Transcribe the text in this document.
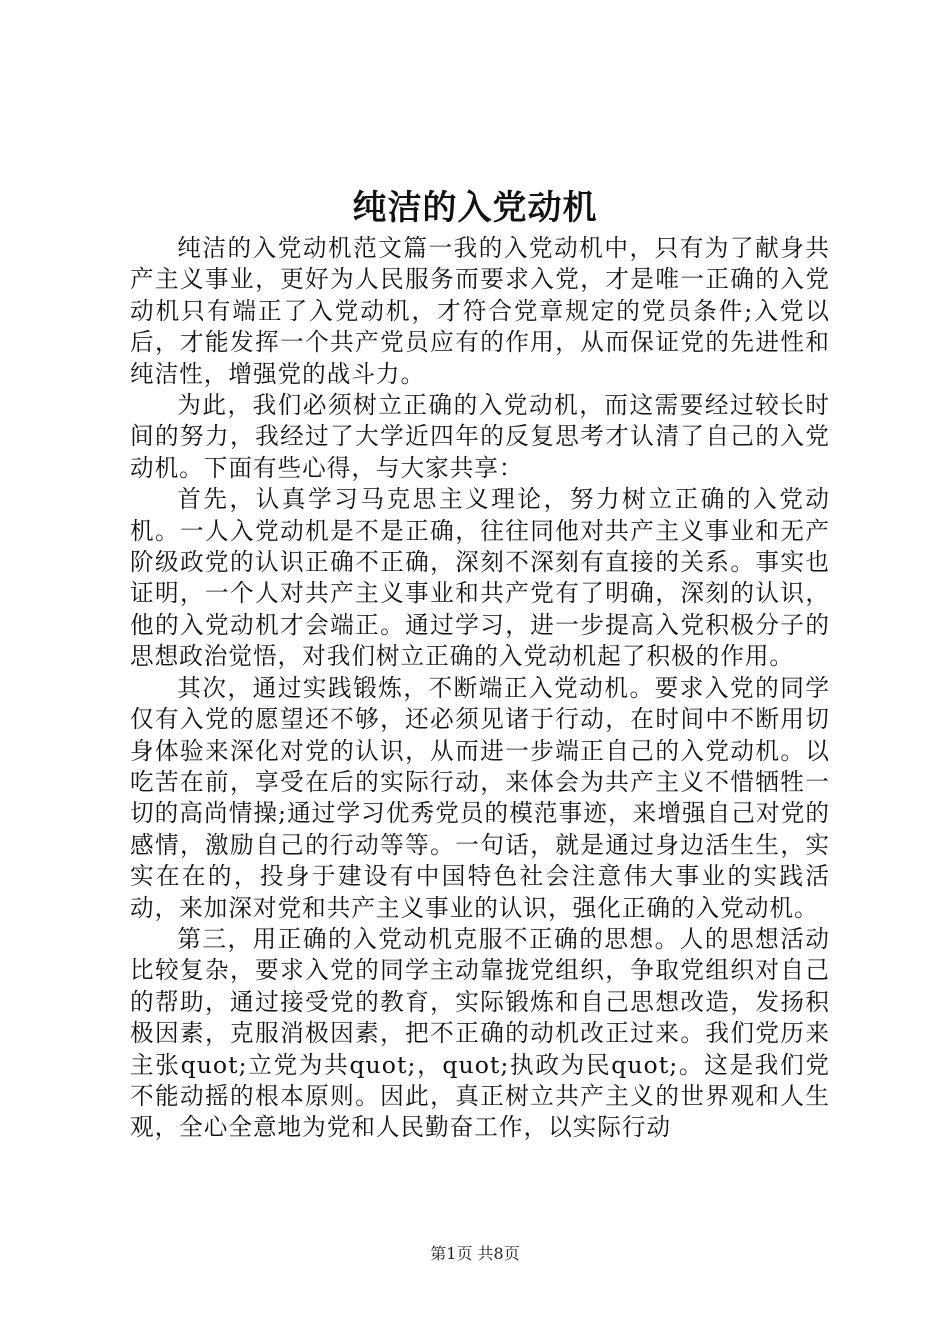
纯洁的入党动机

纯洁的入党动机范文篇一我的入党动机中，只有为了献身共产主义事业，更好为人民服务而要求入党，才是唯一正确的入党动机只有端正了入党动机，才符合党章规定的党员条件;入党以后，才能发挥一个共产党员应有的作用，从而保证党的先进性和纯洁性，增强党的战斗力。

为此，我们必须树立正确的入党动机，而这需要经过较长时间的努力，我经过了大学近四年的反复思考才认清了自己的入党动机。下面有些心得，与大家共享：

首先，认真学习马克思主义理论，努力树立正确的入党动机。一人入党动机是不是正确，往往同他对共产主义事业和无产阶级政党的认识正确不正确，深刻不深刻有直接的关系。事实也证明，一个人对共产主义事业和共产党有了明确，深刻的认识，他的入党动机才会端正。通过学习，进一步提高入党积极分子的思想政治觉悟，对我们树立正确的入党动机起了积极的作用。

其次，通过实践锻炼，不断端正入党动机。要求入党的同学仅有入党的愿望还不够，还必须见诸于行动，在时间中不断用切身体验来深化对党的认识，从而进一步端正自己的入党动机。以吃苦在前，享受在后的实际行动，来体会为共产主义不惜牺牲一切的高尚情操;通过学习优秀党员的模范事迹，来增强自己对党的感情，激励自己的行动等等。一句话，就是通过身边活生生，实实在在的，投身于建设有中国特色社会注意伟大事业的实践活动，来加深对党和共产主义事业的认识，强化正确的入党动机。

第三，用正确的入党动机克服不正确的思想。人的思想活动比较复杂，要求入党的同学主动靠拢党组织，争取党组织对自己的帮助，通过接受党的教育，实际锻炼和自己思想改造，发扬积极因素，克服消极因素，把不正确的动机改正过来。我们党历来主张quot;立党为共quot;，quot;执政为民quot;。这是我们党不能动摇的根本原则。因此，真正树立共产主义的世界观和人生观，全心全意地为党和人民勤奋工作，以实际行动

第1页 共8页
